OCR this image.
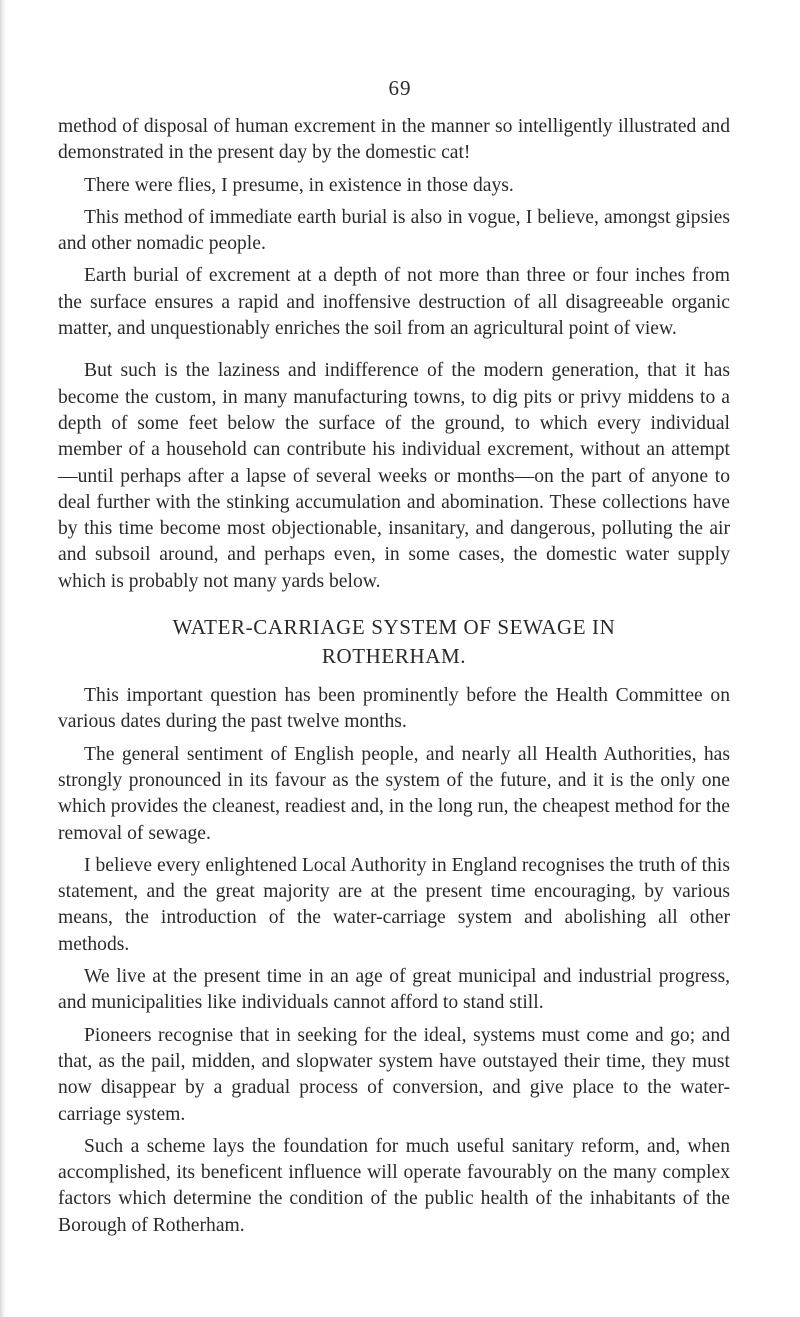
69

method of disposal of human excrement in the manner so intelligently illustrated and demonstrated in the present day by the domestic cat!

There were flies, I presume, in existence in those days.

This method of immediate earth burial is also in vogue, I believe, amongst gipsies and other nomadic people.

Earth burial of excrement at a depth of not more than three or four inches from the surface ensures a rapid and inoffensive destruction of all disagreeable organic matter, and unquestionably enriches the soil from an agricultural point of view.

But such is the laziness and indifference of the modern generation, that it has become the custom, in many manufacturing towns, to dig pits or privy middens to a depth of some feet below the surface of the ground, to which every individual member of a household can contribute his individual excrement, without an attempt—until perhaps after a lapse of several weeks or months—on the part of anyone to deal further with the stinking accumulation and abomination. These collections have by this time become most objectionable, insanitary, and dangerous, polluting the air and subsoil around, and perhaps even, in some cases, the domestic water supply which is probably not many yards below.

WATER-CARRIAGE SYSTEM OF SEWAGE IN
ROTHERHAM.

This important question has been prominently before the Health Committee on various dates during the past twelve months.

The general sentiment of English people, and nearly all Health Authorities, has strongly pronounced in its favour as the system of the future, and it is the only one which provides the cleanest, readiest and, in the long run, the cheapest method for the removal of sewage.

I believe every enlightened Local Authority in England recognises the truth of this statement, and the great majority are at the present time encouraging, by various means, the introduction of the water-carriage system and abolishing all other methods.

We live at the present time in an age of great municipal and industrial progress, and municipalities like individuals cannot afford to stand still.

Pioneers recognise that in seeking for the ideal, systems must come and go; and that, as the pail, midden, and slopwater system have outstayed their time, they must now disappear by a gradual process of conversion, and give place to the water-carriage system.

Such a scheme lays the foundation for much useful sanitary reform, and, when accomplished, its beneficent influence will operate favourably on the many complex factors which determine the condition of the public health of the inhabitants of the Borough of Rotherham.
